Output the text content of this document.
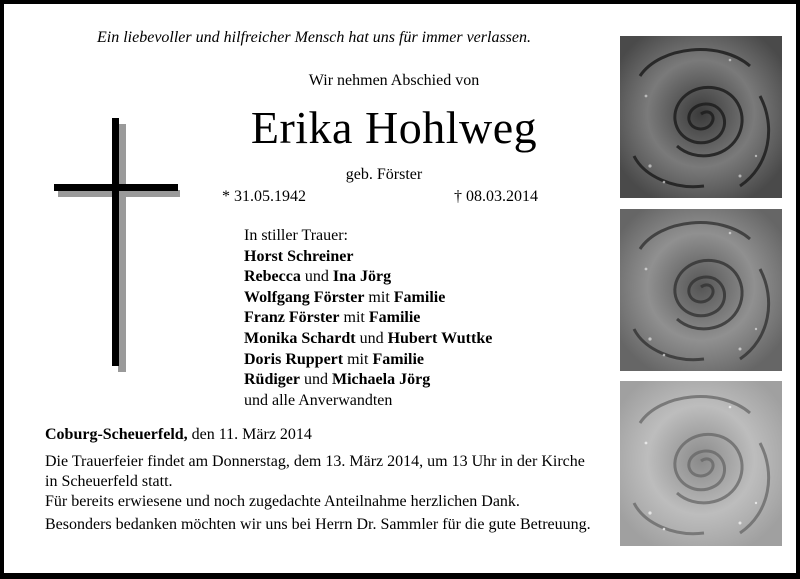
Ein liebevoller und hilfreicher Mensch hat uns für immer verlassen.
Wir nehmen Abschied von
Erika Hohlweg
geb. Förster
* 31.05.1942	† 08.03.2014
In stiller Trauer:
Horst Schreiner
Rebecca und Ina Jörg
Wolfgang Förster mit Familie
Franz Förster mit Familie
Monika Schardt und Hubert Wuttke
Doris Ruppert mit Familie
Rüdiger und Michaela Jörg
und alle Anverwandten
Coburg-Scheuerfeld, den 11. März 2014

Die Trauerfeier findet am Donnerstag, dem 13. März 2014, um 13 Uhr in der Kirche in Scheuerfeld statt.

Für bereits erwiesene und noch zugedachte Anteilnahme herzlichen Dank.

Besonders bedanken möchten wir uns bei Herrn Dr. Sammler für die gute Betreuung.
